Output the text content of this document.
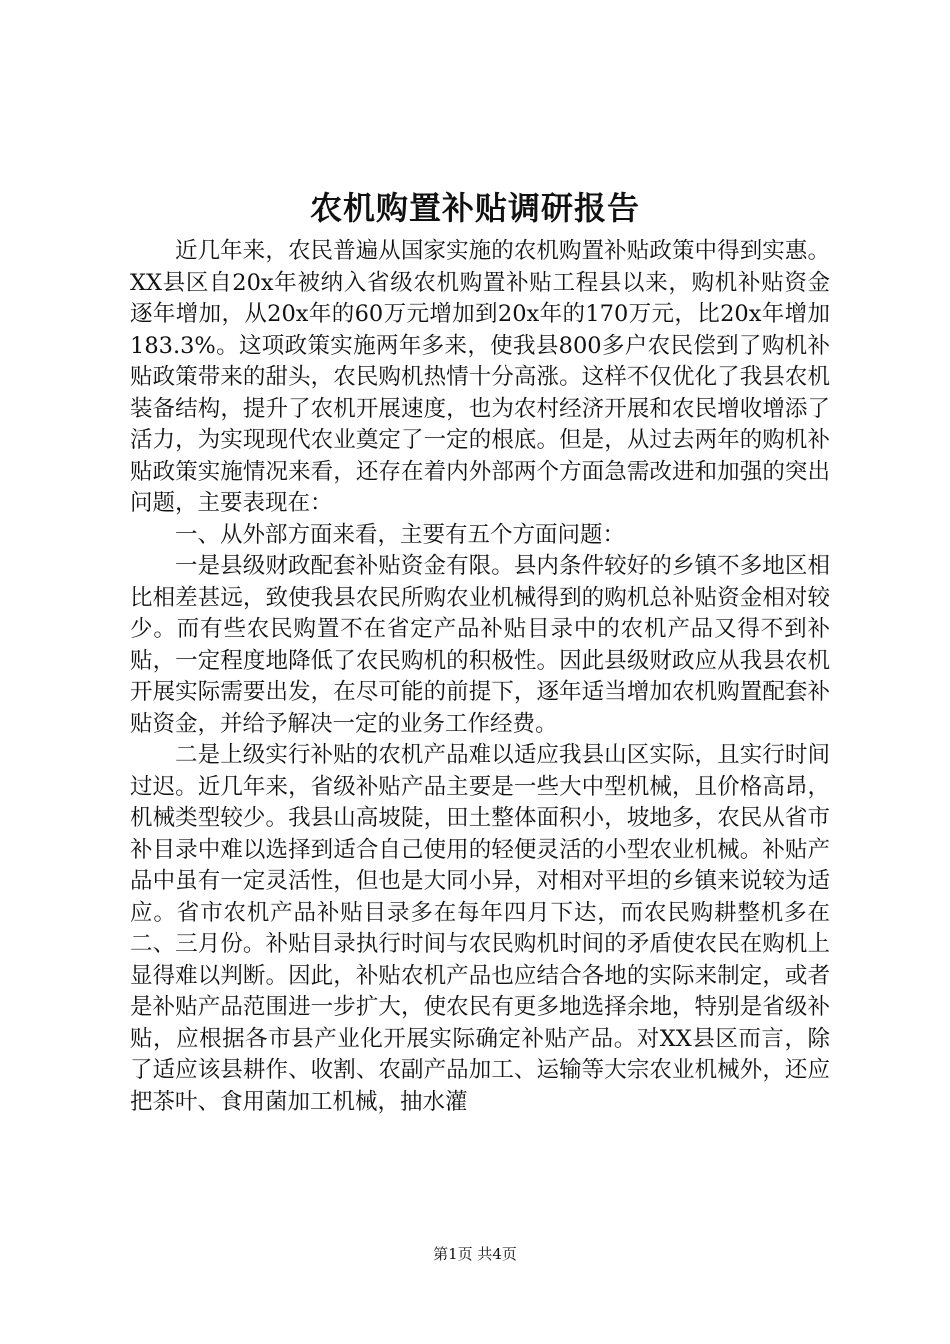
农机购置补贴调研报告

近几年来，农民普遍从国家实施的农机购置补贴政策中得到实惠。XX县区自20x年被纳入省级农机购置补贴工程县以来，购机补贴资金逐年增加，从20x年的60万元增加到20x年的170万元，比20x年增加183.3%。这项政策实施两年多来，使我县800多户农民偿到了购机补贴政策带来的甜头，农民购机热情十分高涨。这样不仅优化了我县农机装备结构，提升了农机开展速度，也为农村经济开展和农民增收增添了活力，为实现现代农业奠定了一定的根底。但是，从过去两年的购机补贴政策实施情况来看，还存在着内外部两个方面急需改进和加强的突出问题，主要表现在：

一、从外部方面来看，主要有五个方面问题：

一是县级财政配套补贴资金有限。县内条件较好的乡镇不多地区相比相差甚远，致使我县农民所购农业机械得到的购机总补贴资金相对较少。而有些农民购置不在省定产品补贴目录中的农机产品又得不到补贴，一定程度地降低了农民购机的积极性。因此县级财政应从我县农机开展实际需要出发，在尽可能的前提下，逐年适当增加农机购置配套补贴资金，并给予解决一定的业务工作经费。

二是上级实行补贴的农机产品难以适应我县山区实际，且实行时间过迟。近几年来，省级补贴产品主要是一些大中型机械，且价格高昂，机械类型较少。我县山高坡陡，田土整体面积小，坡地多，农民从省市补目录中难以选择到适合自己使用的轻便灵活的小型农业机械。补贴产品中虽有一定灵活性，但也是大同小异，对相对平坦的乡镇来说较为适应。省市农机产品补贴目录多在每年四月下达，而农民购耕整机多在二、三月份。补贴目录执行时间与农民购机时间的矛盾使农民在购机上显得难以判断。因此，补贴农机产品也应结合各地的实际来制定，或者是补贴产品范围进一步扩大，使农民有更多地选择余地，特别是省级补贴，应根据各市县产业化开展实际确定补贴产品。对XX县区而言，除了适应该县耕作、收割、农副产品加工、运输等大宗农业机械外，还应把茶叶、食用菌加工机械，抽水灌

第1页 共4页
